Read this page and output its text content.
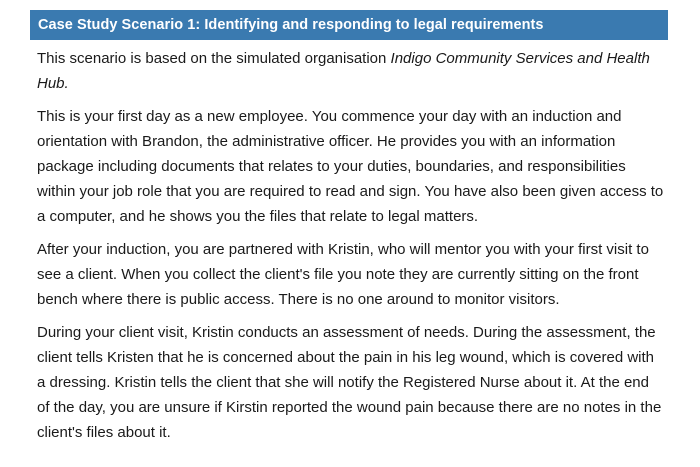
Case Study Scenario 1: Identifying and responding to legal requirements

This scenario is based on the simulated organisation Indigo Community Services and Health Hub.

This is your first day as a new employee. You commence your day with an induction and orientation with Brandon, the administrative officer. He provides you with an information package including documents that relates to your duties, boundaries, and responsibilities within your job role that you are required to read and sign. You have also been given access to a computer, and he shows you the files that relate to legal matters.

After your induction, you are partnered with Kristin, who will mentor you with your first visit to see a client. When you collect the client's file you note they are currently sitting on the front bench where there is public access. There is no one around to monitor visitors.

During your client visit, Kristin conducts an assessment of needs. During the assessment, the client tells Kristen that he is concerned about the pain in his leg wound, which is covered with a dressing. Kristin tells the client that she will notify the Registered Nurse about it. At the end of the day, you are unsure if Kirstin reported the wound pain because there are no notes in the client's files about it.
